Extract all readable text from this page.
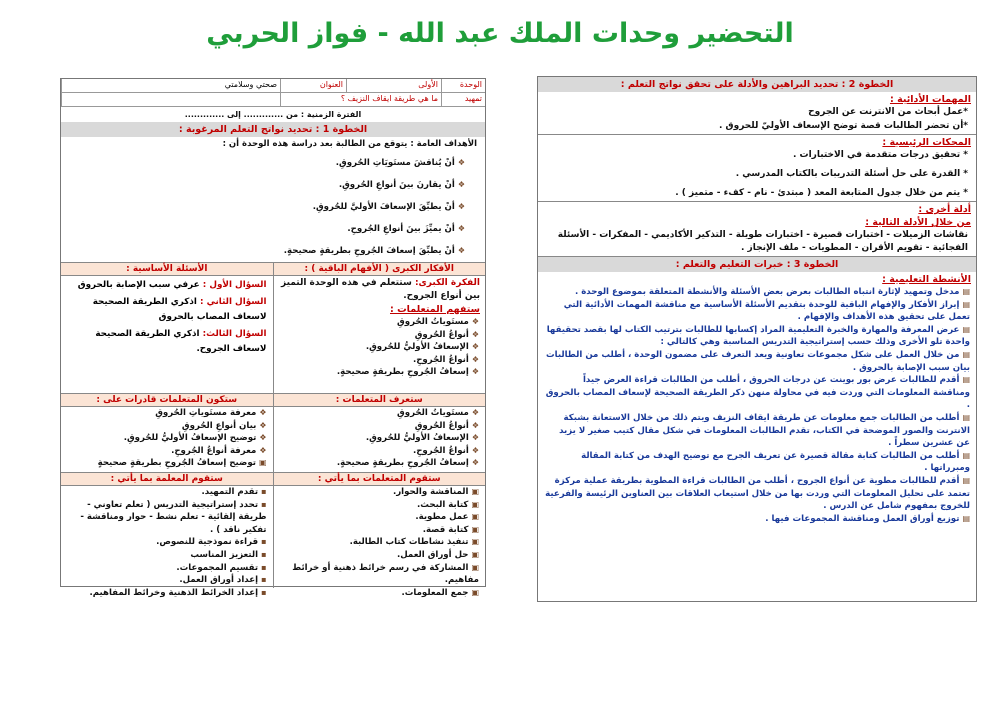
التحضير وحدات الملك عبد الله - فواز الحربي
الخطوة 2 : تحديد البراهين والأدلة على تحقق نواتج التعلم :
المهمات الأدائية :
*عمل أبحاث من الانترنت عن الجروح
*أن تحضر الطالبات قصة توضح الإسعاف الأوليّ للحروق .
المحكات الرئيسية :
* تحقيق درجات متقدمة في الاختبارات .
* القدرة على حل أسئلة التدريبات بالكتاب المدرسي .
* يتم من خلال جدول المتابعة المعد ( مبتدئ - نام - كفء - متميز ) .
أدلة أخرى :
من خلال الأدلة التالية :
نقاشات الزميلات - اختبارات قصيرة - اختبارات طويلة - التذكير الأكاديمي - المفكرات - الأسئلة الفجائية - تقويم الأقران - المطويات - ملف الإنجاز .
الخطوة 3 : خبرات التعليم والتعلم :
الأنشطة التعليمية :
▤مدخل وتمهيد لإثارة انتباه الطالبات بعرض بعض الأسئلة والأنشطة المتعلقة بموضوع الوحدة .
▤إبراز الأفكار والإفهام الباقية للوحدة بتقديم الأسئلة الأساسية مع مناقشة المهمات الأدائية التي تعمل على تحقيق هذه الأهداف والإفهام .
▤عرض المعرفة والمهارة والخبرة التعليمية المراد إكسابها للطالبات بترتيب الكتاب لها بقصد تحقيقها واحدة تلو الأخرى وذلك حسب إستراتيجية التدريس المناسبة وهي كالتالي :
▤من خلال العمل على شكل مجموعات تعاونية ويعد التعرف على مضمون الوحدة ، أطلب من الطالبات بيان سبب الإصابة بالحروق .
▤أقدم للطالبات عرض بور بوينت عن درجات الحروق ، أطلب من الطالبات قراءة العرض جيداً ومناقشة المعلومات التي وردت فيه في محاولة منهن ذكر الطريقة الصحيحة لإسعاف المصاب بالحروق .
▤أطلب من الطالبات جمع معلومات عن طريقة ايقاف النزيف ويتم ذلك من خلال الاستعانة بشبكة الانترنت والصور الموضحة في الكتاب، تقدم الطالبات المعلومات في شكل مقال كتيب صغير لا يزيد عن عشرين سطراً .
▤أطلب من الطالبات كتابة مقالة قصيرة عن تعريف الجرح مع توضيح الهدف من كتابة المقالة ومبرراتها .
▤أقدم للطالبات مطوية عن أنواع الجروح ، أطلب من الطالبات قراءة المطوية بطريقة عملية مركزة تعتمد على تحليل المعلومات التي وردت بها من خلال استيعاب العلاقات بين العناوين الرئيسة والفرعية للخروج بمفهوم شامل عن الدرس .
▤توزيع أوراق العمل ومناقشة المجموعات فيها .
الوحدة
الأولى
العنوان
صحتي وسلامتي
تمهيد
ما هي طريقة ايقاف النزيف ؟
الفترة الزمنية : من ............. إلى .............
الخطوة 1 : تحديد نواتج التعلم المرغوبة :
الأهداف العامة : يتوقع من الطالبة بعد دراسة هذه الوحدة أن :
❖أنْ يُناقشَ مستَويَاتِ الحُروقِ.
❖أنْ يقارنَ بينَ أنواعِ الحُروقِ.
❖أنْ يطبِّقَ الإسعافَ الأوليَّ للحُروقِ.
❖أنْ يميِّزَ بينَ أنواعِ الجُروحِ.
❖أنْ يطبِّقَ إسعافَ الجُروحِ بطريقةٍ صحيحةٍ.
الأفكار الكبرى ( الأفهام الباقية ) :
الفكرة الكبرى: ستتعلم في هذه الوحدة التميز بين أنواع الجروح.
ستفهم المتعلمات :
❖مستَوياتُ الحُروقِ
❖أنواعُ الحُروقِ
❖الإسعافُ الأوليُّ للحُروقِ.
❖أنواعُ الجُروحِ.
❖إسعافُ الجُروحِ بطريقةٍ صحيحةٍ.
الأسئلة الأساسية :
السؤال الأول : عرفي سبب الإصابة بالحروق
السؤال الثاني : اذكري الطريقة الصحيحة لاسعاف المصاب بالحروق
السؤال الثالث: اذكري الطريقة الصحيحة لاسعاف الجروح.
ستعرف المتعلمات :
❖مستَوياتُ الحُروقِ
❖أنواعُ الحُروقِ
❖الإسعافُ الأوليُّ للحُروقِ.
❖أنواعُ الجُروحِ.
❖إسعافُ الجُروحِ بطريقةٍ صحيحةٍ.
ستكون المتعلمات قادرات على :
❖معرفة مستَوياتِ الحُروقِ
❖بيان أنواعِ الحُروقِ
❖توضيح الإسعافُ الأوليُّ للحُروقِ.
❖معرفة أنواعُ الجُروحِ.
▣توضيح إسعافُ الجُروحِ بطريقةٍ صحيحةٍ
ستقوم المتعلمات بما يأتي :
▣المناقشة والحوار.
▣كتابة البحث.
▣عمل مطوية.
▣كتابة قصة.
▣تنفيذ نشاطات كتاب الطالبة.
▣حل أوراق العمل.
▣المشاركة في رسم خرائط ذهنية أو خرائط مفاهيم.
▣جمع المعلومات.
ستقوم المعلمة بما يأتي :
▪تقدم التمهيد.
▪تحدد إستراتيجية التدريس ( تعلم تعاوني - طريقة إلقائية - تعلم نشط - حوار ومناقشة - تفكير ناقد ) .
▪قراءة نموذجية للنصوص.
▪التعزيز المناسب
▪تقسيم المجموعات.
▪إعداد أوراق العمل.
▪إعداد الخرائط الذهنية وخرائط المفاهيم.
